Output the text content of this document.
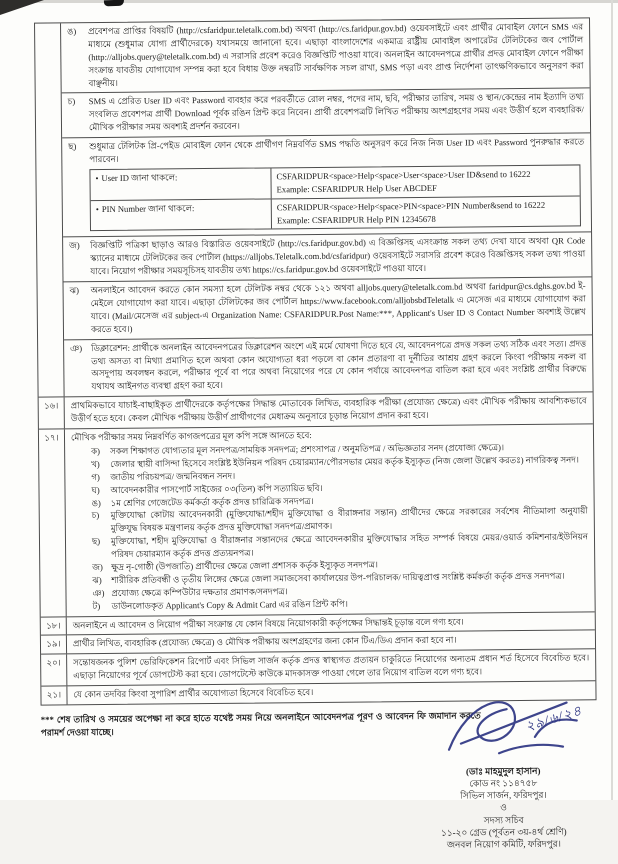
ঙ)	প্রবেশপত্র প্রাপ্তির বিষয়টি (http://csfaridpur.teletalk.com.bd) অথবা (http://cs.faridpur.gov.bd) ওয়েবসাইটে এবং প্রার্থীর মোবাইল ফোনে SMS এর মাধ্যমে (শুধুমাত্র যোগ্য প্রার্থীদেরকে) যথাসময়ে জানানো হবে। এছাড়া বাংলাদেশের একমাত্র রাষ্ট্রীয় মোবাইল অপারেটর টেলিটকের জব পোর্টাল (http://alljobs.query@teletalk.com.bd) এ সরাসরি প্রবেশ করেও বিজ্ঞপ্তিটি পাওয়া যাবে। অনলাইন আবেদনপত্রে প্রার্থীর প্রদত্ত মোবাইল ফোনে পরীক্ষা সংক্রান্ত যাবতীয় যোগাযোগ সম্পন্ন করা হবে বিধায় উক্ত নম্বরটি সার্বক্ষণিক সচল রাখা, SMS পড়া এবং প্রাপ্ত নির্দেশনা তাৎক্ষণিকভাবে অনুসরণ করা বাঞ্ছনীয়।
চ)	SMS এ প্রেরিত User ID এবং Password ব্যবহার করে পরবর্তীতে রোল নম্বর, পদের নাম, ছবি, পরীক্ষার তারিখ, সময় ও স্থান/কেন্দ্রের নাম ইত্যাদি তথ্য সংবলিত প্রবেশপত্র প্রার্থী Download পূর্বক রঙিন প্রিন্ট করে নিবেন। প্রার্থী প্রবেশপত্রটি লিখিত পরীক্ষায় অংশগ্রহণের সময় এবং উত্তীর্ণ হলে ব্যবহারিক/মৌখিক পরীক্ষার সময় অবশ্যই প্রদর্শন করবেন।
ছ)	শুধুমাত্র টেলিটক প্রি-পেইড মোবাইল ফোন থেকে প্রার্থীগণ নিম্নবর্ণিত SMS পদ্ধতি অনুসরণ করে নিজ নিজ User ID এবং Password পুনরুদ্ধার করতে পারবেন।
• User ID জানা থাকলে:	CSFARIDPUR<space>Help<space>User<space>User ID&send to 16222
Example: CSFARIDPUR Help User ABCDEF
• PIN Number জানা থাকলে:	CSFARIDPUR<space>Help<space>PIN<space>PIN Number&send to 16222
Example: CSFARIDPUR Help PIN 12345678
জ)	বিজ্ঞপ্তিটি পত্রিকা ছাড়াও আরও বিস্তারিত ওয়েবসাইটে (http://cs.faridpur.gov.bd) এ বিজ্ঞপ্তিসহ এসংক্রান্ত সকল তথ্য দেখা যাবে অথবা QR Code স্ক্যানের মাধ্যমে টেলিটকের জব পোর্টাল (https://alljobs.Teletalk.com.bd/csfaridpur) ওয়েবসাইটে সরাসরি প্রবেশ করেও বিজ্ঞপ্তিসহ সকল তথ্য পাওয়া যাবে। নিয়োগ পরীক্ষার সময়সূচিসহ যাবতীয় তথ্য https://cs.faridpur.gov.bd ওয়েবসাইটে পাওয়া যাবে।
ঝ)	অনলাইনে আবেদন করতে কোন সমস্যা হলে টেলিটক নম্বর থেকে ১২১ অথবা alljobs.query@teletalk.com.bd অথবা faridpur@cs.dghs.gov.bd ই-মেইলে যোগাযোগ করা যাবে। এছাড়া টেলিটকের জব পোর্টাল https://www.facebook.com/alljobsbdTeletalk এ মেসেজ এর মাধ্যমে যোগাযোগ করা যাবে। (Mail/মেসেজ এর subject-এ Organization Name: CSFARIDPUR.Post Name:***, Applicant's User ID ও Contact Number অবশ্যই উল্লেখ করতে হবে।)
ঞ)	ডিক্লারেশন: প্রার্থীকে অনলাইন আবেদনপত্রের ডিক্লারেশন অংশে এই মর্মে ঘোষণা দিতে হবে যে, আবেদনপত্রে প্রদত্ত সকল তথ্য সঠিক এবং সত্য। প্রদত্ত তথ্য অসত্য বা মিথ্যা প্রমাণিত হলে অথবা কোন অযোগ্যতা ধরা পড়লে বা কোন প্রতারণা বা দুর্নীতির আশ্রয় গ্রহণ করলে কিংবা পরীক্ষায় নকল বা অসদুপায় অবলম্বন করলে, পরীক্ষার পূর্বে বা পরে অথবা নিয়োগের পরে যে কোন পর্যায়ে আবেদনপত্র বাতিল করা হবে এবং সংশ্লিষ্ট প্রার্থীর বিরুদ্ধে যথাযথ আইনগত ব্যবস্থা গ্রহণ করা হবে।
১৬।	প্রাথমিকভাবে যাচাই-বাছাইকৃত প্রার্থীদেরকে কর্তৃপক্ষের সিদ্ধান্ত মোতাবেক লিখিত, ব্যবহারিক পরীক্ষা (প্রযোজ্য ক্ষেত্রে) এবং মৌখিক পরীক্ষায় আবশ্যিকভাবে উত্তীর্ণ হতে হবে। কেবল মৌখিক পরীক্ষায় উত্তীর্ণ প্রার্থীগণের মেধাক্রম অনুসারে চূড়ান্ত নিয়োগ প্রদান করা হবে।
১৭।	মৌখিক পরীক্ষার সময় নিম্নবর্ণিত কাগজপত্রের মূল কপি সঙ্গে আনতে হবে:
ক)	সকল শিক্ষাগত যোগ্যতার মূল সনদপত্র/সাময়িক সনদপত্র; প্রশংসাপত্র / অনুমতিপত্র / অভিজ্ঞতার সনদ (প্রযোজ্য ক্ষেত্রে)।
খ)	জেলার স্থায়ী বাসিন্দা হিসেবে সংশ্লিষ্ট ইউনিয়ন পরিষদ চেয়ারম্যান/পৌরসভার মেয়র কর্তৃক ইস্যুকৃত (নিজ জেলা উল্লেখ করতঃ) নাগরিকত্ব সনদ।
গ)	জাতীয় পরিচয়পত্র/ জন্মনিবন্ধন সনদ।
ঘ)	আবেদনকারীর পাসপোর্ট সাইজের ০৩(তিন) কপি সত্যায়িত ছবি।
ঙ)	১ম শ্রেণির গেজেটেড কর্মকর্তা কর্তৃক প্রদত্ত চারিত্রিক সনদপত্র।
চ)	মুক্তিযোদ্ধা কোটায় আবেদনকারী (মুক্তিযোদ্ধা/শহীদ মুক্তিযোদ্ধা ও বীরাঙ্গনার সন্তান) প্রার্থীদের ক্ষেত্রে সরকারের সর্বশেষ নীতিমালা অনুযায়ী মুক্তিযুদ্ধ বিষয়ক মন্ত্রণালয় কর্তৃক প্রদত্ত মুক্তিযোদ্ধা সনদপত্র/প্রমাণক।
ছ)	মুক্তিযোদ্ধা, শহীদ মুক্তিযোদ্ধা ও বীরাঙ্গনার সন্তানদের ক্ষেত্রে আবেদনকারীর মুক্তিযোদ্ধার সহিত সম্পর্ক বিষয়ে মেয়র/ওয়ার্ড কমিশনার/ইউনিয়ন পরিষদ চেয়ারম্যান কর্তৃক প্রদত্ত প্রত্যয়নপত্র।
জ) ক্ষুদ্র নৃ-গোষ্ঠী (উপজাতি) প্রার্থীদের ক্ষেত্রে জেলা প্রশাসক কর্তৃক ইস্যুকৃত সনদপত্র।
ঝ)	শারীরিক প্রতিবন্ধী ও তৃতীয় লিঙ্গের ক্ষেত্রে জেলা সমাজসেবা কার্যালয়ের উপ-পরিচালক/ দায়িত্বপ্রাপ্ত সংশ্লিষ্ট কর্মকর্তা কর্তৃক প্রদত্ত সনদপত্র।
ঞ) প্রযোজ্য ক্ষেত্রে কম্পিউটার দক্ষতার প্রমাণক/সনদপত্র।
ট)	ডাউনলোডকৃত Applicant's Copy & Admit Card এর রঙিন প্রিন্ট কপি।
১৮।	অনলাইনে এ আবেদন ও নিয়োগ পরীক্ষা সংক্রান্ত যে কোন বিষয়ে নিয়োগকারী কর্তৃপক্ষের সিদ্ধান্তই চূড়ান্ত বলে গণ্য হবে।
১৯।	প্রার্থীর লিখিত, ব্যবহারিক (প্রযোজ্য ক্ষেত্রে) ও মৌখিক পরীক্ষায় অংশগ্রহণের জন্য কোন টিএ/ডিএ প্রদান করা হবে না।
২০।	সন্তোষজনক পুলিশ ভেরিফিকেশন রিপোর্ট এবং সিভিল সার্জন কর্তৃক প্রদত্ত স্বাস্থ্যগত প্রত্যয়ন চাকুরিতে নিয়োগের অন্যতম প্রধান শর্ত হিসেবে বিবেচিত হবে। এছাড়া নিয়োগের পূর্বে ডোপটেস্ট করা হবে। ডোপটেস্টে কাউকে মাদকাসক্ত পাওয়া গেলে তার নিয়োগ বাতিল বলে গণ্য হবে।
২১।	যে কোন তদবির কিংবা সুপারিশ প্রার্থীর অযোগ্যতা হিসেবে বিবেচিত হবে।
*** শেষ তারিখ ও সময়ের অপেক্ষা না করে হাতে যথেষ্ট সময় নিয়ে অনলাইনে আবেদনপত্র পূরণ ও আবেদন ফি জমাদান করতে পরামর্শ দেওয়া যাচ্ছে।	২৯/৬/২৪
(ডাঃ মাহমুদুল হাসান)
কোড নং ১১৪৭৫৮
সিভিল সার্জন, ফরিদপুর।
ও
সদস্য সচিব
১১-২০ গ্রেড (পূর্বতন ৩য়-৪র্থ শ্রেণি)
জনবল নিয়োগ কমিটি, ফরিদপুর।
